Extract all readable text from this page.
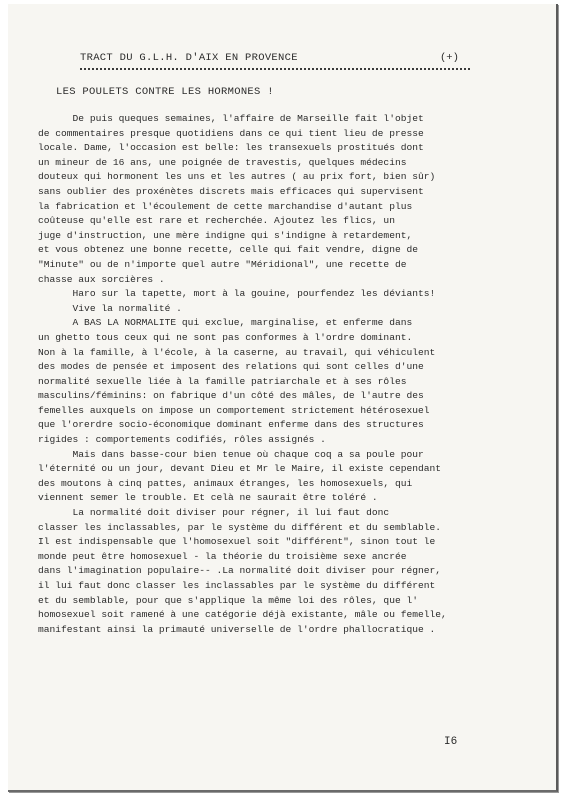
TRACT DU G.L.H. D'AIX EN PROVENCE	(+)
LES POULETS CONTRE LES HORMONES !
De puis queques semaines, l'affaire de Marseille fait l'objet
de commentaires presque quotidiens dans ce qui tient lieu de presse
locale. Dame, l'occasion est belle: les transexuels prostitués dont
un mineur de 16 ans, une poignée de travestis, quelques médecins
douteux qui hormonent les uns et les autres ( au prix fort, bien sûr)
sans oublier des proxénètes discrets mais efficaces qui supervisent
la fabrication et l'écoulement de cette marchandise d'autant plus
coûteuse qu'elle est rare et recherchée. Ajoutez les flics, un
juge d'instruction, une mère indigne qui s'indigne à retardement,
et vous obtenez une bonne recette, celle qui fait vendre, digne de
"Minute" ou de n'importe quel autre "Méridional", une recette de
chasse aux sorcières .
Haro sur la tapette, mort à la gouine, pourfendez les déviants!
Vive la normalité .
A BAS LA NORMALITE qui exclue, marginalise, et enferme dans
un ghetto tous ceux qui ne sont pas conformes à l'ordre dominant.
Non à la famille, à l'école, à la caserne, au travail, qui véhiculent
des modes de pensée et imposent des relations qui sont celles d'une
normalité sexuelle liée à la famille patriarchale et à ses rôles
masculins/féminins: on fabrique d'un côté des mâles, de l'autre des
femelles auxquels on impose un comportement strictement hétérosexuel
que l'orerdre socio-économique dominant enferme dans des structures
rigides : comportements codifiés, rôles assignés .
Mais dans basse-cour bien tenue où chaque coq a sa poule pour
l'éternité ou un jour, devant Dieu et Mr le Maire, il existe cependant
des moutons à cinq pattes, animaux étranges, les homosexuels, qui
viennent semer le trouble. Et celà ne saurait être toléré .
La normalité doit diviser pour régner, il lui faut donc
classer les inclassables, par le système du différent et du semblable.
Il est indispensable que l'homosexuel soit "différent", sinon tout le
monde peut être homosexuel - la théorie du troisième sexe ancrée
dans l'imagination populaire-- .La normalité doit diviser pour régner,
il lui faut donc classer les inclassables par le système du différent
et du semblable, pour que s'applique la même loi des rôles, que l'
homosexuel soit ramené à une catégorie déjà existante, mâle ou femelle,
manifestant ainsi la primauté universelle de l'ordre phallocratique .
I6
